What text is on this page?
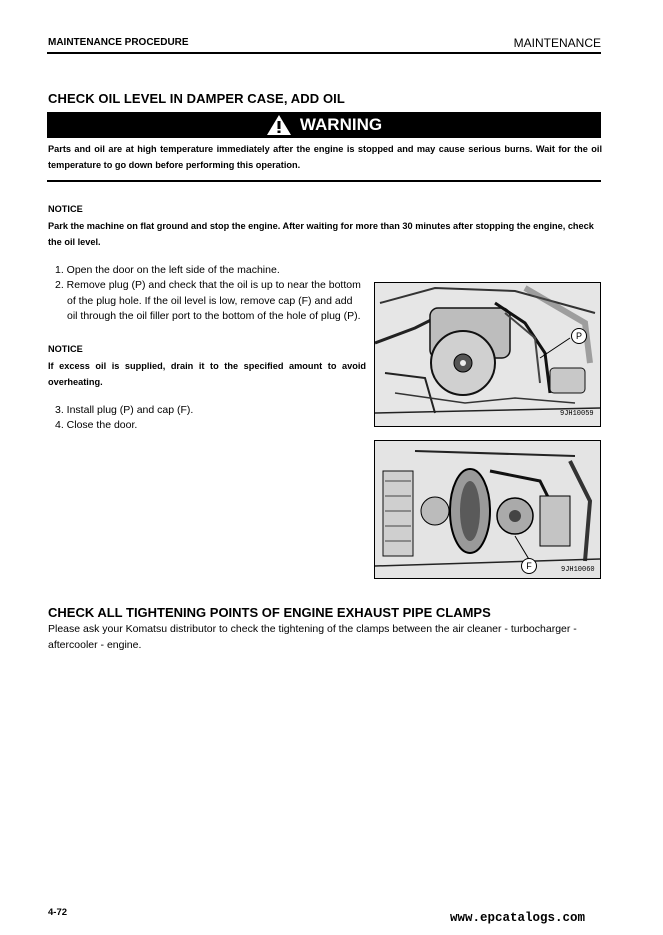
MAINTENANCE PROCEDURE	MAINTENANCE
CHECK OIL LEVEL IN DAMPER CASE, ADD OIL
WARNING
Parts and oil are at high temperature immediately after the engine is stopped and may cause serious burns. Wait for the oil temperature to go down before performing this operation.
NOTICE
Park the machine on flat ground and stop the engine. After waiting for more than 30 minutes after stopping the engine, check the oil level.
1. Open the door on the left side of the machine.
2. Remove plug (P) and check that the oil is up to near the bottom
of the plug hole. If the oil level is low, remove cap (F) and add
oil through the oil filler port to the bottom of the hole of plug (P).
NOTICE
If excess oil is supplied, drain it to the specified amount to avoid overheating.
3. Install plug (P) and cap (F).
4. Close the door.
P
9JH10059
F	9JH10060
CHECK ALL TIGHTENING POINTS OF ENGINE EXHAUST PIPE CLAMPS
Please ask your Komatsu distributor to check the tightening of the clamps between the air cleaner - turbocharger - aftercooler - engine.
4-72	www.epcatalogs.com
